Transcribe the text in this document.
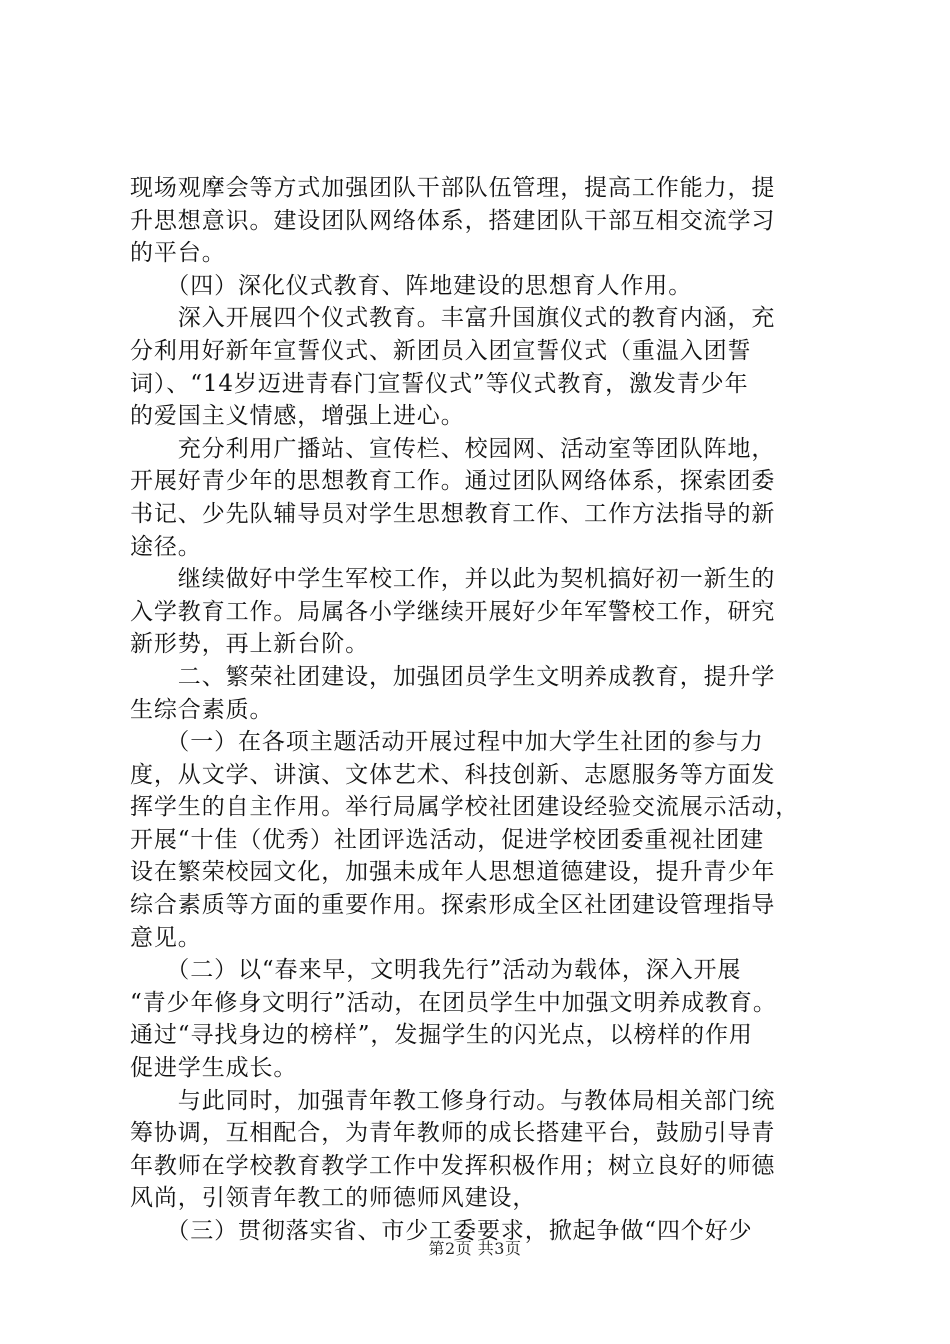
现场观摩会等方式加强团队干部队伍管理，提高工作能力，提
升思想意识。建设团队网络体系，搭建团队干部互相交流学习
的平台。
　　（四）深化仪式教育、阵地建设的思想育人作用。
　　深入开展四个仪式教育。丰富升国旗仪式的教育内涵，充
分利用好新年宣誓仪式、新团员入团宣誓仪式（重温入团誓
词）、“14岁迈进青春门宣誓仪式”等仪式教育，激发青少年
的爱国主义情感，增强上进心。
　　充分利用广播站、宣传栏、校园网、活动室等团队阵地，
开展好青少年的思想教育工作。通过团队网络体系，探索团委
书记、少先队辅导员对学生思想教育工作、工作方法指导的新
途径。
　　继续做好中学生军校工作，并以此为契机搞好初一新生的
入学教育工作。局属各小学继续开展好少年军警校工作，研究
新形势，再上新台阶。
　　二、繁荣社团建设，加强团员学生文明养成教育，提升学
生综合素质。
　　（一）在各项主题活动开展过程中加大学生社团的参与力
度，从文学、讲演、文体艺术、科技创新、志愿服务等方面发
挥学生的自主作用。举行局属学校社团建设经验交流展示活动，
开展“十佳（优秀）社团评选活动，促进学校团委重视社团建
设在繁荣校园文化，加强未成年人思想道德建设，提升青少年
综合素质等方面的重要作用。探索形成全区社团建设管理指导
意见。
　　（二）以“春来早，文明我先行”活动为载体，深入开展
“青少年修身文明行”活动，在团员学生中加强文明养成教育。
通过“寻找身边的榜样”，发掘学生的闪光点，以榜样的作用
促进学生成长。
　　与此同时，加强青年教工修身行动。与教体局相关部门统
筹协调，互相配合，为青年教师的成长搭建平台，鼓励引导青
年教师在学校教育教学工作中发挥积极作用；树立良好的师德
风尚，引领青年教工的师德师风建设，
　　（三）贯彻落实省、市少工委要求，掀起争做“四个好少
第2页 共3页
